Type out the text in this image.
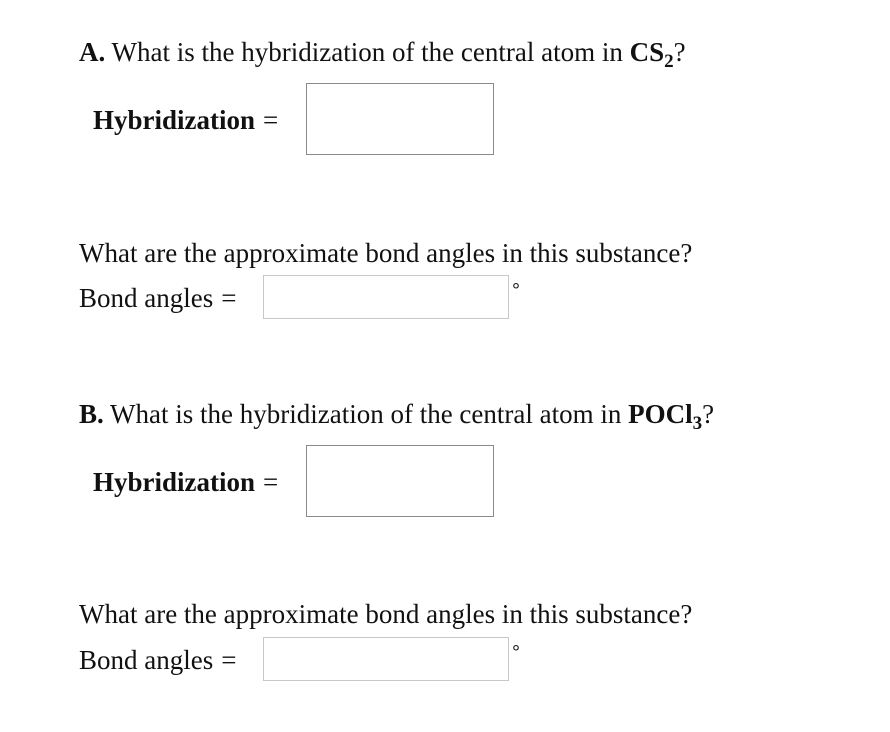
A. What is the hybridization of the central atom in $CS_2$?
Hybridization =
What are the approximate bond angles in this substance?
Bond angles =	°
B. What is the hybridization of the central atom in POCl$_3$?
Hybridization =
What are the approximate bond angles in this substance?
Bond angles =	°
